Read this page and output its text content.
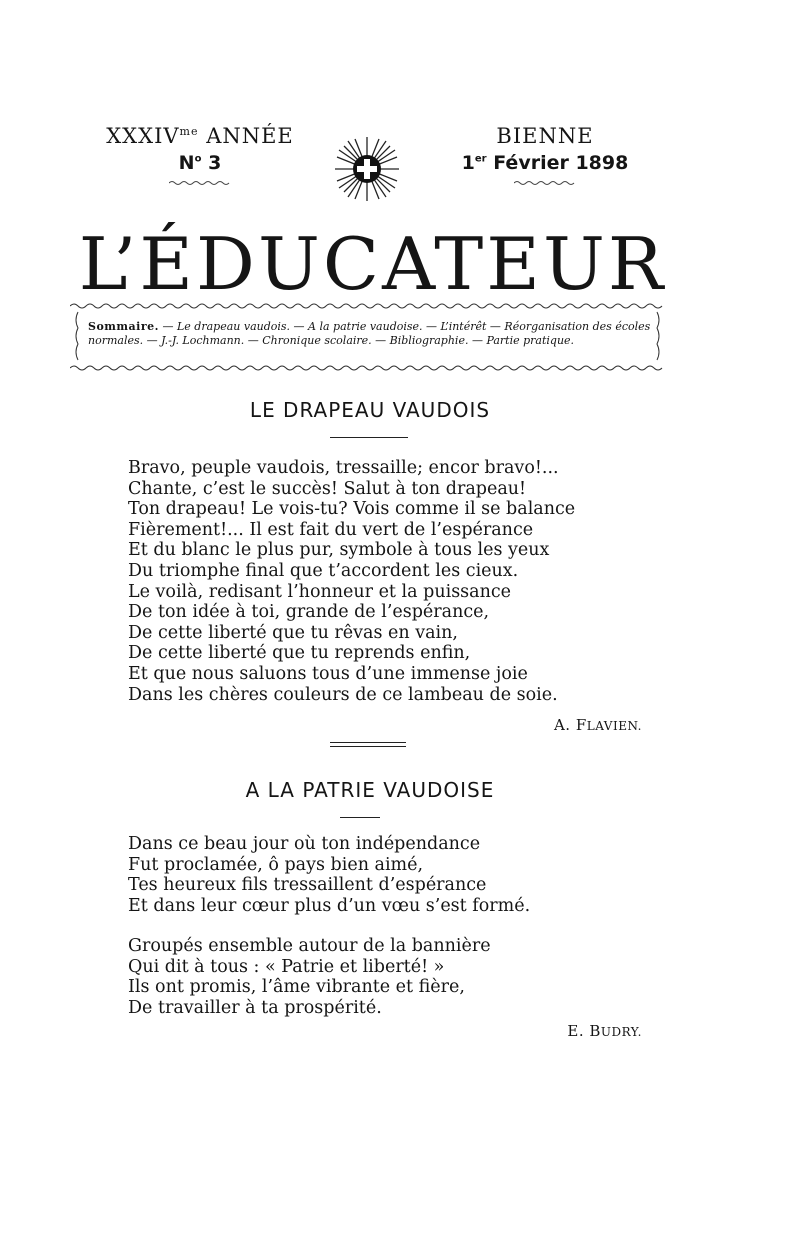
$XXXIV^{me}$ ANNÉE
$N^o$ 3
BIENNE
1er Février 1898
L’ÉDUCATEUR
Sommaire. — Le drapeau vaudois. — A la patrie vaudoise. — L’intérêt — Réorganisation des écoles normales. — J.-J. Lochmann. — Chronique scolaire. — Bibliographie. — Partie pratique.
LE DRAPEAU VAUDOIS
Bravo, peuple vaudois, tressaille; encor bravo!...
Chante, c’est le succès! Salut à ton drapeau!
Ton drapeau! Le vois-tu? Vois comme il se balance
Fièrement!... Il est fait du vert de l’espérance
Et du blanc le plus pur, symbole à tous les yeux
Du triomphe final que t’accordent les cieux.
Le voilà, redisant l’honneur et la puissance
De ton idée à toi, grande de l’espérance,
De cette liberté que tu rêvas en vain,
De cette liberté que tu reprends enfin,
Et que nous saluons tous d’une immense joie
Dans les chères couleurs de ce lambeau de soie.
A. FLAVIEN.
A LA PATRIE VAUDOISE
Dans ce beau jour où ton indépendance
Fut proclamée, ô pays bien aimé,
Tes heureux fils tressaillent d’espérance
Et dans leur cœur plus d’un vœu s’est formé.
Groupés ensemble autour de la bannière
Qui dit à tous : « Patrie et liberté! »
Ils ont promis, l’âme vibrante et fière,
De travailler à ta prospérité.
E. BUDRY.
